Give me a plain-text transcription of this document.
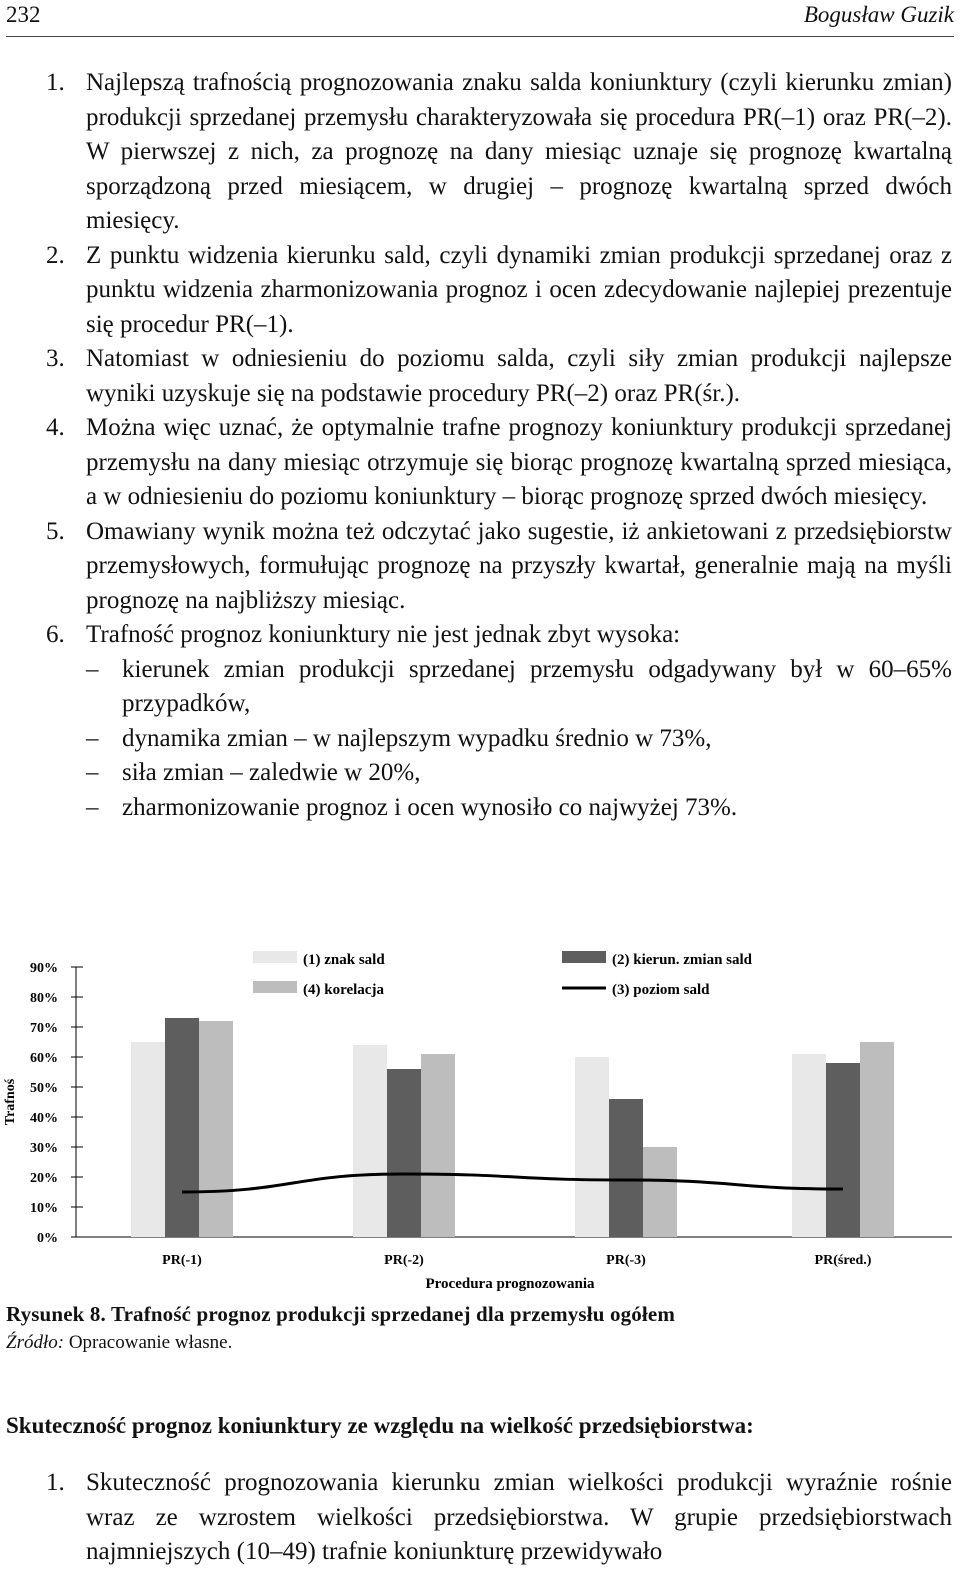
232	Bogusław Guzik
1. Najlepszą trafnością prognozowania znaku salda koniunktury (czyli kierunku zmian) produkcji sprzedanej przemysłu charakteryzowała się procedura PR(–1) oraz PR(–2). W pierwszej z nich, za prognozę na dany miesiąc uznaje się prognozę kwartalną sporządzoną przed miesiącem, w drugiej – prognozę kwartalną sprzed dwóch miesięcy.
2. Z punktu widzenia kierunku sald, czyli dynamiki zmian produkcji sprzedanej oraz z punktu widzenia zharmonizowania prognoz i ocen zdecydowanie najlepiej prezentuje się procedur PR(–1).
3. Natomiast w odniesieniu do poziomu salda, czyli siły zmian produkcji najlepsze wyniki uzyskuje się na podstawie procedury PR(–2) oraz PR(śr.).
4. Można więc uznać, że optymalnie trafne prognozy koniunktury produkcji sprzedanej przemysłu na dany miesiąc otrzymuje się biorąc prognozę kwartalną sprzed miesiąca, a w odniesieniu do poziomu koniunktury – biorąc prognozę sprzed dwóch miesięcy.
5. Omawiany wynik można też odczytać jako sugestie, iż ankietowani z przedsiębiorstw przemysłowych, formułując prognozę na przyszły kwartał, generalnie mają na myśli prognozę na najbliższy miesiąc.
6. Trafność prognoz koniunktury nie jest jednak zbyt wysoka:
– kierunek zmian produkcji sprzedanej przemysłu odgadywany był w 60–65% przypadków,
– dynamika zmian – w najlepszym wypadku średnio w 73%,
– siła zmian – zaledwie w 20%,
– zharmonizowanie prognoz i ocen wynosiło co najwyżej 73%.
0%
10%
20%
30%
40%
50%
60%
70%
80%
90%
Trafnoś
PR(-1)	PR(-2)	PR(-3)	PR(śred.)
Procedura prognozowania
(1) znak sald
(4) korelacja
(2) kierun. zmian sald
(3) poziom sald
Rysunek 8. Trafność prognoz produkcji sprzedanej dla przemysłu ogółem
Źródło: Opracowanie własne.
Skuteczność prognoz koniunktury ze względu na wielkość przedsiębiorstwa:
1. Skuteczność prognozowania kierunku zmian wielkości produkcji wyraźnie rośnie wraz ze wzrostem wielkości przedsiębiorstwa. W grupie przedsiębiorstwach najmniejszych (10–49) trafnie koniunkturę przewidywało
